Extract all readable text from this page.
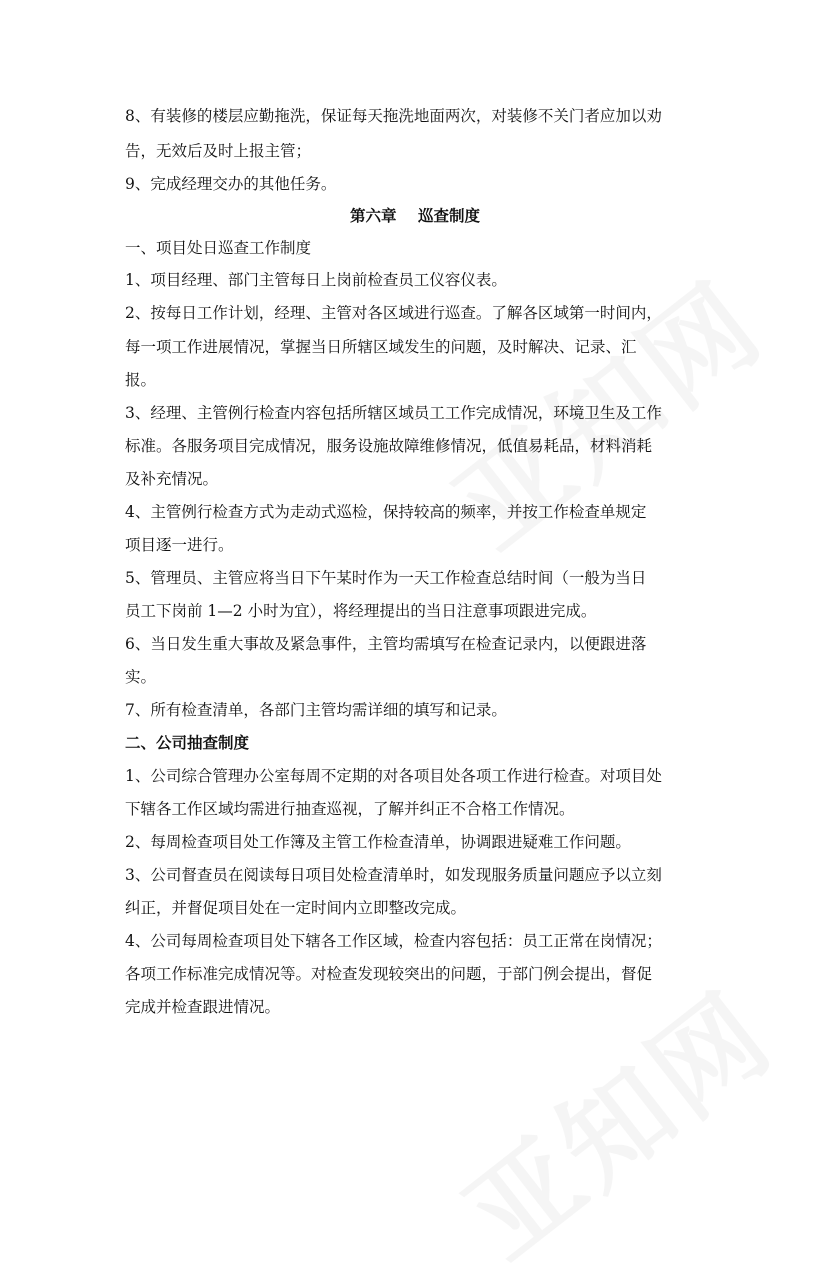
8、有装修的楼层应勤拖洗，保证每天拖洗地面两次，对装修不关门者应加以劝
告，无效后及时上报主管；
9、完成经理交办的其他任务。
第六章    巡查制度
一、项目处日巡查工作制度
1、项目经理、部门主管每日上岗前检查员工仪容仪表。
2、按每日工作计划，经理、主管对各区域进行巡查。了解各区域第一时间内，
每一项工作进展情况，掌握当日所辖区域发生的问题，及时解决、记录、汇
报。
3、经理、主管例行检查内容包括所辖区域员工工作完成情况，环境卫生及工作
标准。各服务项目完成情况，服务设施故障维修情况，低值易耗品，材料消耗
及补充情况。
4、主管例行检查方式为走动式巡检，保持较高的频率，并按工作检查单规定
项目逐一进行。
5、管理员、主管应将当日下午某时作为一天工作检查总结时间（一般为当日
员工下岗前 1—2 小时为宜），将经理提出的当日注意事项跟进完成。
6、当日发生重大事故及紧急事件，主管均需填写在检查记录内，以便跟进落
实。
7、所有检查清单，各部门主管均需详细的填写和记录。
二、公司抽查制度
1、公司综合管理办公室每周不定期的对各项目处各项工作进行检查。对项目处
下辖各工作区域均需进行抽查巡视，了解并纠正不合格工作情况。
2、每周检查项目处工作簿及主管工作检查清单，协调跟进疑难工作问题。
3、公司督查员在阅读每日项目处检查清单时，如发现服务质量问题应予以立刻
纠正，并督促项目处在一定时间内立即整改完成。
4、公司每周检查项目处下辖各工作区域，检查内容包括：员工正常在岗情况；
各项工作标准完成情况等。对检查发现较突出的问题，于部门例会提出，督促
完成并检查跟进情况。
